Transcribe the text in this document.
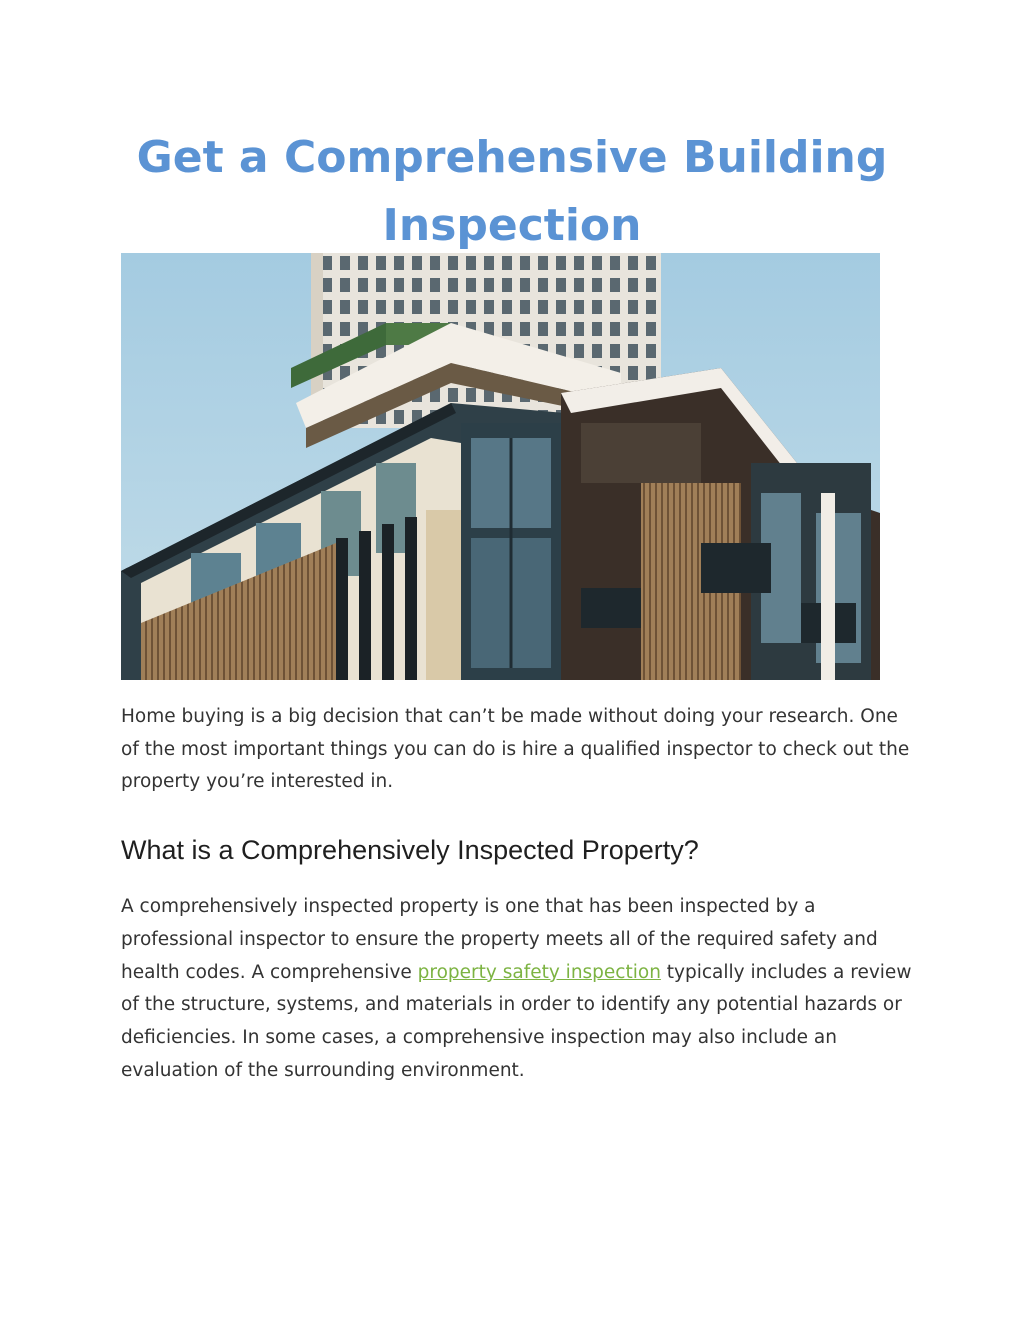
Get a Comprehensive Building Inspection

Home buying is a big decision that can’t be made without doing your research. One of the most important things you can do is hire a qualified inspector to check out the property you’re interested in.

What is a Comprehensively Inspected Property?

A comprehensively inspected property is one that has been inspected by a professional inspector to ensure the property meets all of the required safety and health codes. A comprehensive property safety inspection typically includes a review of the structure, systems, and materials in order to identify any potential hazards or deficiencies. In some cases, a comprehensive inspection may also include an evaluation of the surrounding environment.
